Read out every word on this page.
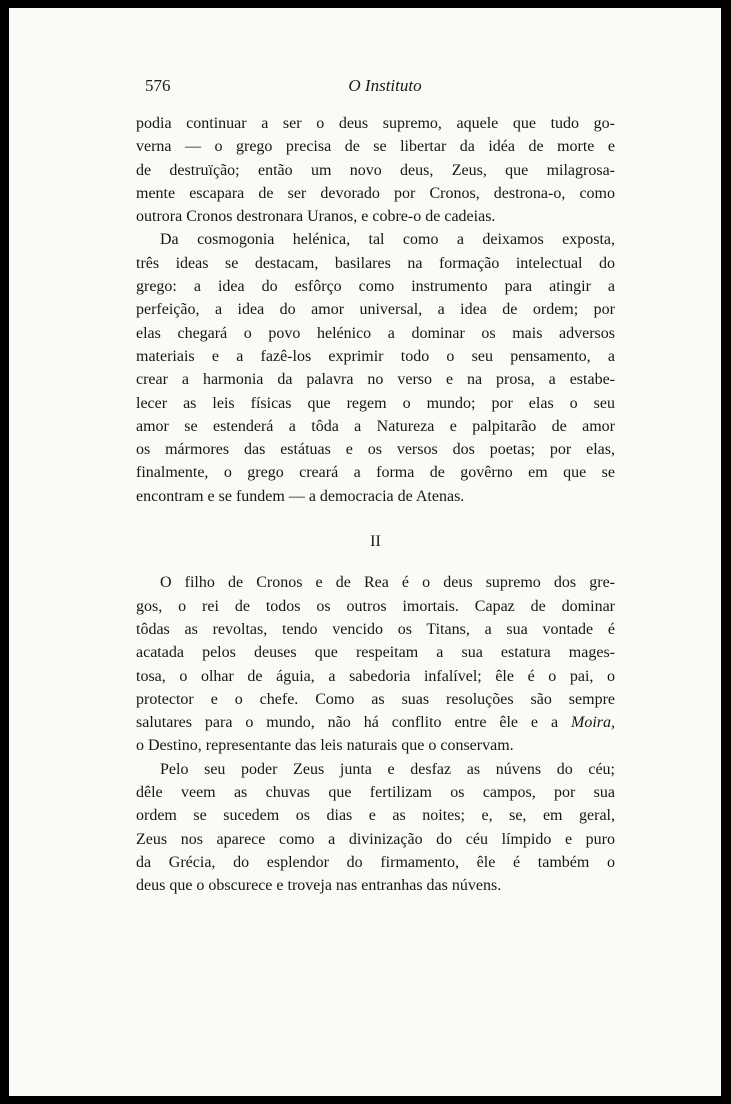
576	O Instituto

podia continuar a ser o deus supremo, aquele que tudo go-
verna — o grego precisa de se libertar da idéa de morte e
de destruïção; então um novo deus, Zeus, que milagrosa-
mente escapara de ser devorado por Cronos, destrona-o, como
outrora Cronos destronara Uranos, e cobre-o de cadeias.

Da cosmogonia helénica, tal como a deixamos exposta,
três ideas se destacam, basilares na formação intelectual do
grego: a idea do esfôrço como instrumento para atingir a
perfeição, a idea do amor universal, a idea de ordem; por
elas chegará o povo helénico a dominar os mais adversos
materiais e a fazê-los exprimir todo o seu pensamento, a
crear a harmonia da palavra no verso e na prosa, a estabe-
lecer as leis físicas que regem o mundo; por elas o seu
amor se estenderá a tôda a Natureza e palpitarão de amor
os mármores das estátuas e os versos dos poetas; por elas,
finalmente, o grego creará a forma de govêrno em que se
encontram e se fundem — a democracia de Atenas.

II

O filho de Cronos e de Rea é o deus supremo dos gre-
gos, o rei de todos os outros imortais. Capaz de dominar
tôdas as revoltas, tendo vencido os Titans, a sua vontade é
acatada pelos deuses que respeitam a sua estatura mages-
tosa, o olhar de águia, a sabedoria infalível; êle é o pai, o
protector e o chefe. Como as suas resoluções são sempre
salutares para o mundo, não há conflito entre êle e a Moira,
o Destino, representante das leis naturais que o conservam.

Pelo seu poder Zeus junta e desfaz as núvens do céu;
dêle veem as chuvas que fertilizam os campos, por sua
ordem se sucedem os dias e as noites; e, se, em geral,
Zeus nos aparece como a divinização do céu límpido e puro
da Grécia, do esplendor do firmamento, êle é também o
deus que o obscurece e troveja nas entranhas das núvens.
